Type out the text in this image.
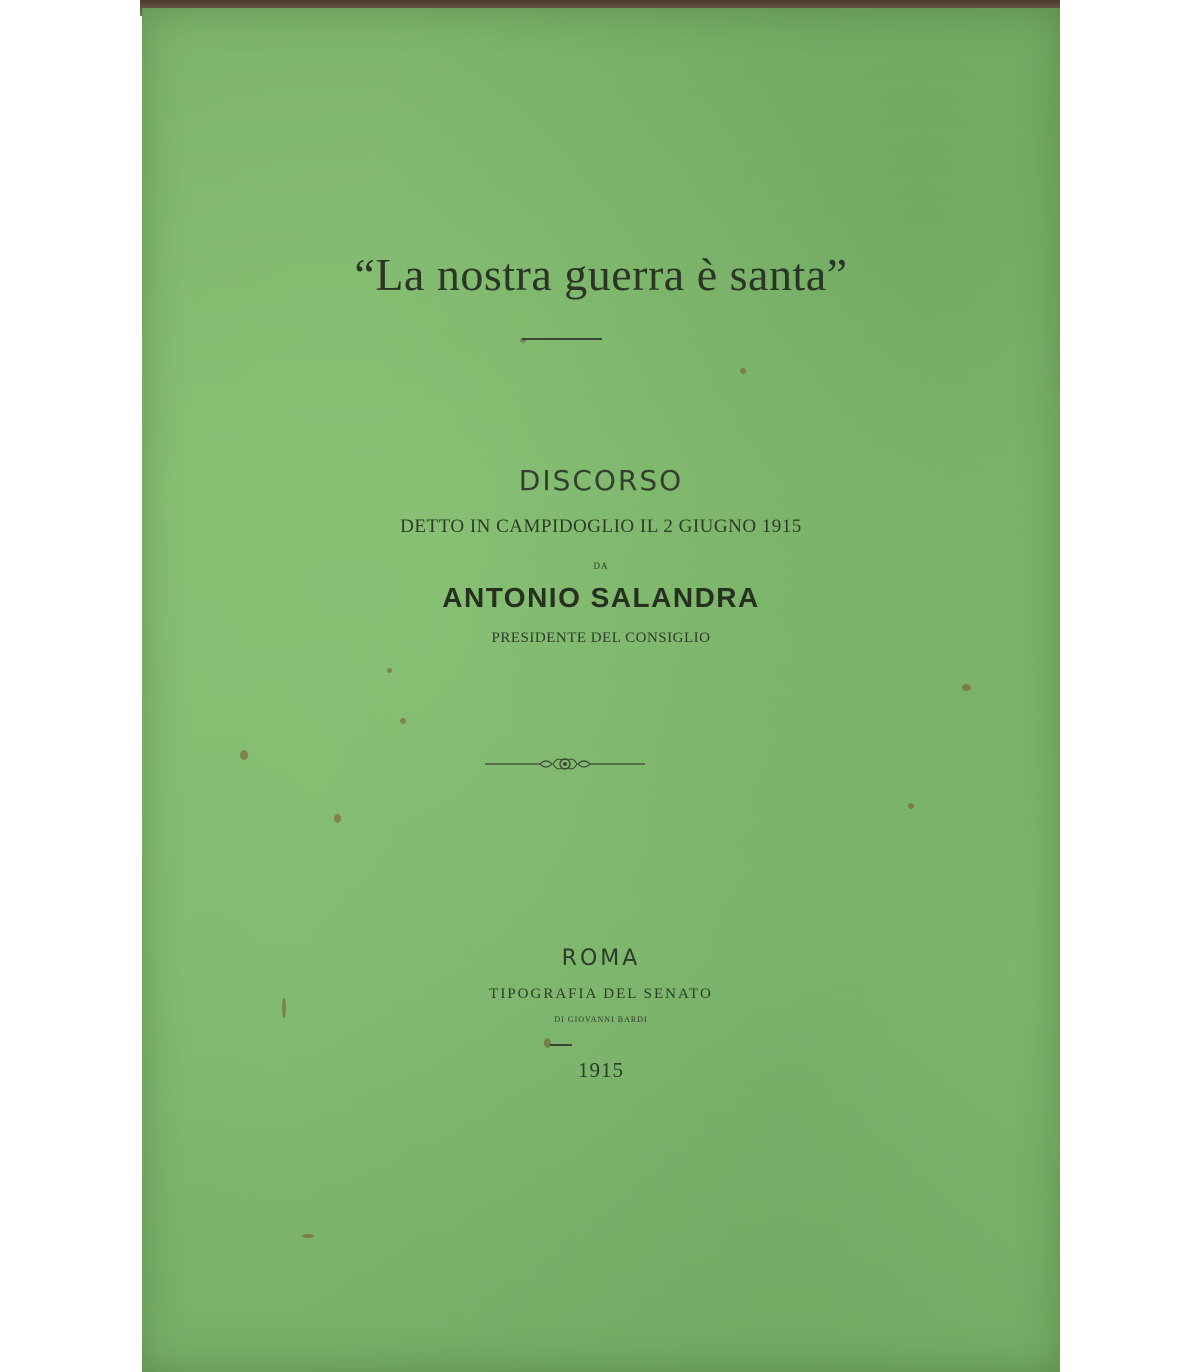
“La nostra guerra è santa”
DISCORSO
DETTO IN CAMPIDOGLIO IL 2 GIUGNO 1915
DA
ANTONIO SALANDRA
PRESIDENTE DEL CONSIGLIO
ROMA
TIPOGRAFIA DEL SENATO
DI GIOVANNI BARDI
1915
